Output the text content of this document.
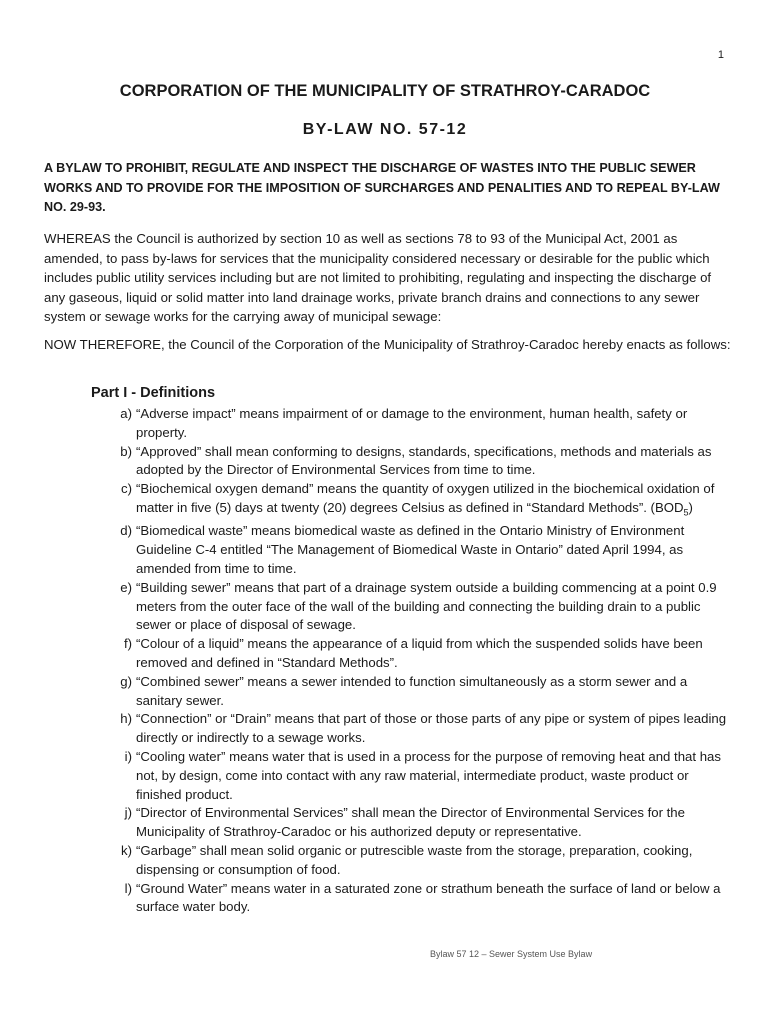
1
CORPORATION OF THE MUNICIPALITY OF STRATHROY-CARADOC
BY-LAW NO. 57-12

A BYLAW TO PROHIBIT, REGULATE AND INSPECT THE DISCHARGE OF WASTES INTO THE PUBLIC SEWER WORKS AND TO PROVIDE FOR THE IMPOSITION OF SURCHARGES AND PENALITIES AND TO REPEAL BY-LAW NO. 29-93.

WHEREAS the Council is authorized by section 10 as well as sections 78 to 93 of the Municipal Act, 2001 as amended, to pass by-laws for services that the municipality considered necessary or desirable for the public which includes public utility services including but are not limited to prohibiting, regulating and inspecting the discharge of any gaseous, liquid or solid matter into land drainage works, private branch drains and connections to any sewer system or sewage works for the carrying away of municipal sewage:

NOW THEREFORE, the Council of the Corporation of the Municipality of Strathroy-Caradoc hereby enacts as follows:

Part I - Definitions
a) “Adverse impact” means impairment of or damage to the environment, human health, safety or property.
b) “Approved” shall mean conforming to designs, standards, specifications, methods and materials as adopted by the Director of Environmental Services from time to time.
c) “Biochemical oxygen demand” means the quantity of oxygen utilized in the biochemical oxidation of matter in five (5) days at twenty (20) degrees Celsius as defined in “Standard Methods”. $(BOD_5)$
d) “Biomedical waste” means biomedical waste as defined in the Ontario Ministry of Environment Guideline C-4 entitled “The Management of Biomedical Waste in Ontario” dated April 1994, as amended from time to time.
e) “Building sewer” means that part of a drainage system outside a building commencing at a point 0.9 meters from the outer face of the wall of the building and connecting the building drain to a public sewer or place of disposal of sewage.
f) “Colour of a liquid” means the appearance of a liquid from which the suspended solids have been removed and defined in “Standard Methods”.
g) “Combined sewer” means a sewer intended to function simultaneously as a storm sewer and a sanitary sewer.
h) “Connection” or “Drain” means that part of those or those parts of any pipe or system of pipes leading directly or indirectly to a sewage works.
i) “Cooling water” means water that is used in a process for the purpose of removing heat and that has not, by design, come into contact with any raw material, intermediate product, waste product or finished product.
j) “Director of Environmental Services” shall mean the Director of Environmental Services for the Municipality of Strathroy-Caradoc or his authorized deputy or representative.
k) “Garbage” shall mean solid organic or putrescible waste from the storage, preparation, cooking, dispensing or consumption of food.
l) “Ground Water” means water in a saturated zone or strathum beneath the surface of land or below a surface water body.
Bylaw 57 12 – Sewer System Use Bylaw
